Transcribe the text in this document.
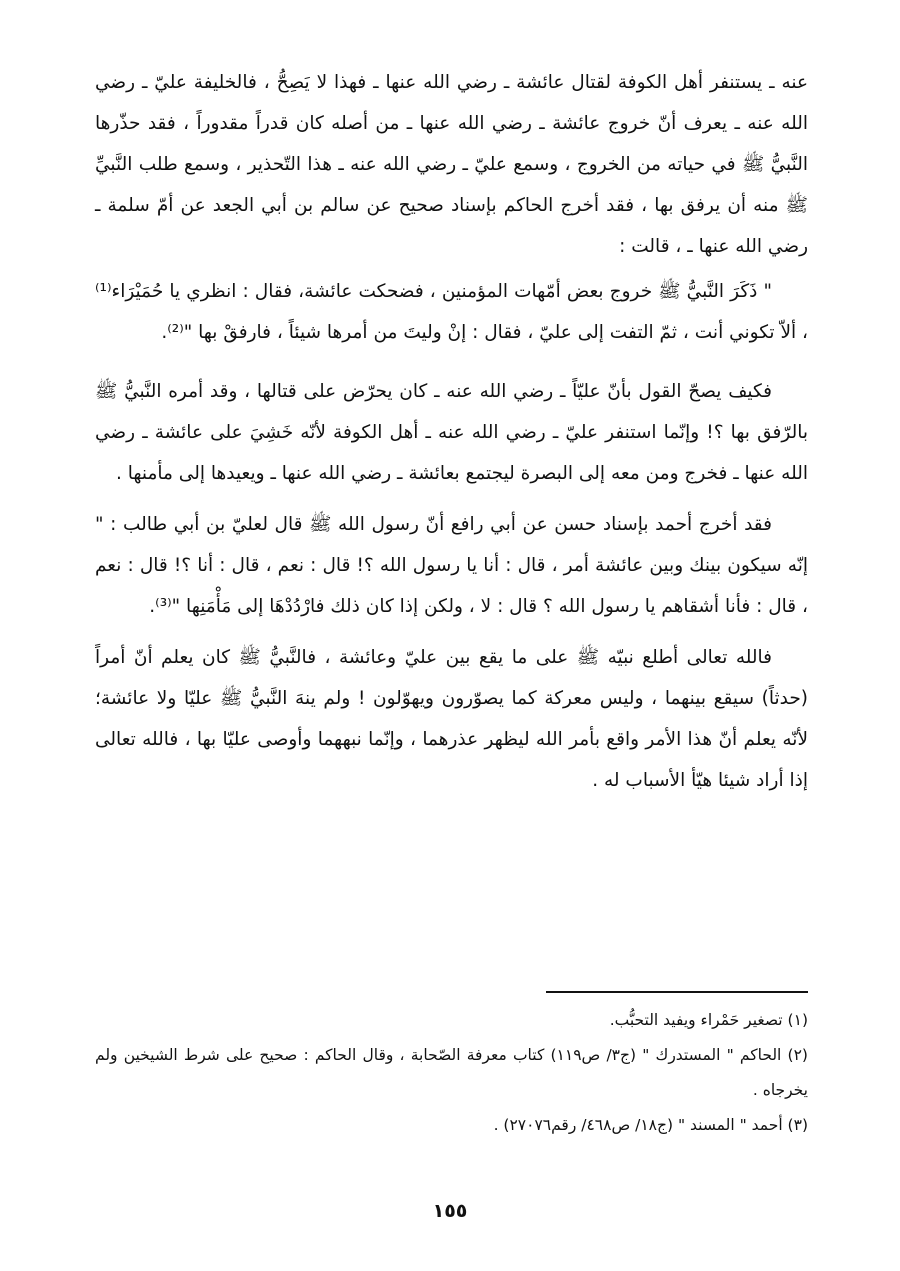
عنه ـ يستنفر أهل الكوفة لقتال عائشة ـ رضي الله عنها ـ فهذا لا يَصِحُّ ، فالخليفة عليّ ـ رضي الله عنه ـ يعرف أنّ خروج عائشة ـ رضي الله عنها ـ من أصله كان قدراً مقدوراً ، فقد حذّرها النَّبيُّ ﷺ في حياته من الخروج ، وسمع عليّ ـ رضي الله عنه ـ هذا التّحذير ، وسمع طلب النَّبيِّ ﷺ منه أن يرفق بها ، فقد أخرج الحاكم بإسناد صحيح عن سالم بن أبي الجعد عن أمّ سلمة ـ رضي الله عنها ـ ، قالت :

" ذَكَرَ النَّبيُّ ﷺ خروج بعض أمّهات المؤمنين ، فضحكت عائشة، فقال : انظري يا حُمَيْرَاء⁽¹⁾ ، ألاّ تكوني أنت ، ثمّ التفت إلى عليّ ، فقال : إنْ وليتَ من أمرها شيئاً ، فارفقْ بها "⁽²⁾.

فكيف يصحّ القول بأنّ عليّاً ـ رضي الله عنه ـ كان يحرّض على قتالها ، وقد أمره النَّبيُّ ﷺ بالرّفق بها ؟! وإنّما استنفر عليّ ـ رضي الله عنه ـ أهل الكوفة لأنّه خَشِيَ على عائشة ـ رضي الله عنها ـ فخرج ومن معه إلى البصرة ليجتمع بعائشة ـ رضي الله عنها ـ ويعيدها إلى مأمنها .

فقد أخرج أحمد بإسناد حسن عن أبي رافع أنّ رسول الله ﷺ قال لعليّ بن أبي طالب : " إنّه سيكون بينك وبين عائشة أمر ، قال : أنا يا رسول الله ؟! قال : نعم ، قال : أنا ؟! قال : نعم ، قال : فأنا أشقاهم يا رسول الله ؟ قال : لا ، ولكن إذا كان ذلك فارْدُدْهَا إلى مَأْمَنِها "⁽³⁾.

فالله تعالى أطلع نبيّه ﷺ على ما يقع بين عليّ وعائشة ، فالنَّبيُّ ﷺ كان يعلم أنّ أمراً (حدثاً) سيقع بينهما ، وليس معركة كما يصوّرون ويهوّلون ! ولم ينهَ النَّبيُّ ﷺ عليّا ولا عائشة؛ لأنّه يعلم أنّ هذا الأمر واقع بأمر الله ليظهر عذرهما ، وإنّما نبههما وأوصى عليّا بها ، فالله تعالى إذا أراد شيئا هيّأ الأسباب له .

(١) تصغير حَمْراء ويفيد التحبُّب.

(٢) الحاكم " المستدرك " (ج٣/ ص١١٩) كتاب معرفة الصّحابة ، وقال الحاكم : صحيح على شرط الشيخين ولم يخرجاه .

(٣) أحمد " المسند " (ج١٨/ ص٤٦٨/ رقم٢٧٠٧٦) .

١٥٥
